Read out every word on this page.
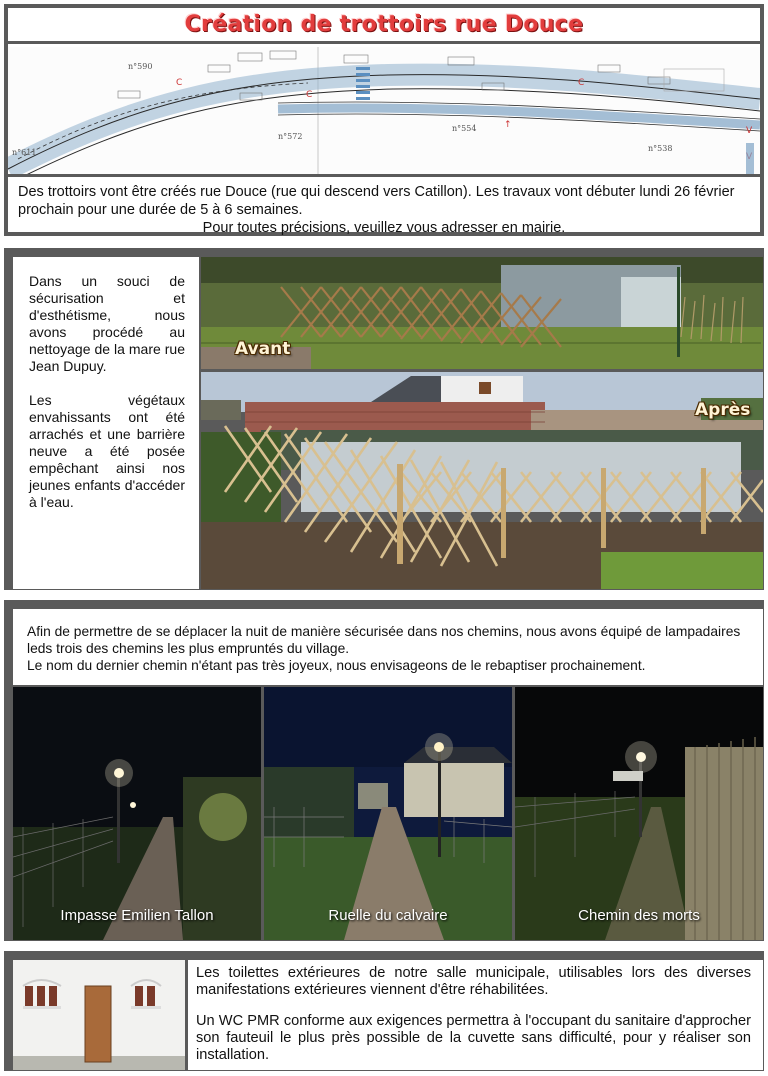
Création de trottoirs rue Douce
C
C
C
↑
V
n°590
n°572
n°554
n°538
n°611
Des trottoirs vont être créés rue Douce (rue qui descend vers Catillon). Les travaux vont débuter lundi 26 février prochain pour une durée de 5 à 6 semaines.
Pour toutes précisions, veuillez vous adresser en mairie.

Dans un souci de sécurisation et d'esthétisme, nous avons procédé au nettoyage de la mare rue Jean Dupuy.

Les végétaux envahissants ont été arrachés et une barrière neuve a été posée empêchant ainsi nos jeunes enfants d'accéder à l'eau.

Avant
Après
Afin de permettre de se déplacer la nuit de manière sécurisée dans nos chemins, nous avons équipé de lampadaires leds trois des chemins les plus empruntés du village.
Le nom du dernier chemin n'étant pas très joyeux, nous envisageons de le rebaptiser prochainement.
Impasse Emilien Tallon	Ruelle du calvaire	Chemin des morts

Les toilettes extérieures de notre salle municipale, utilisables lors des diverses manifestations extérieures viennent d'être réhabilitées.

Un WC PMR conforme aux exigences permettra à l'occupant du sanitaire d'approcher son fauteuil le plus près possible de la cuvette sans difficulté, pour y réaliser son installation.
